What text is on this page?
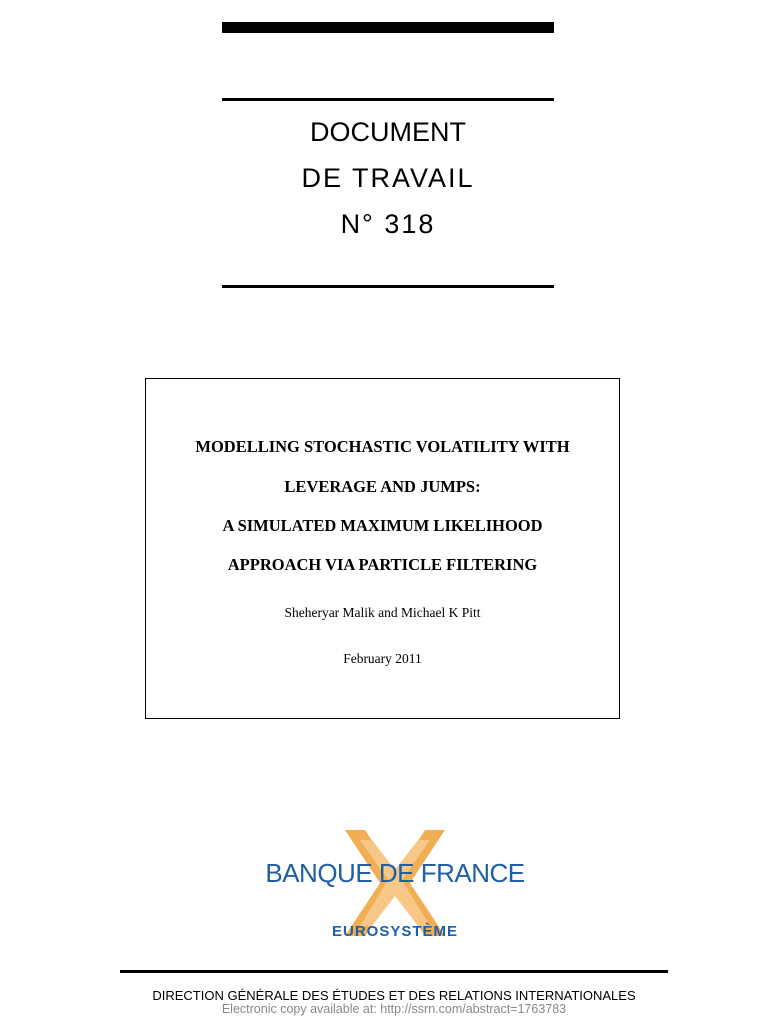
DOCUMENT
DE TRAVAIL
N° 318
MODELLING STOCHASTIC VOLATILITY WITH
LEVERAGE AND JUMPS:
A SIMULATED MAXIMUM LIKELIHOOD
APPROACH VIA PARTICLE FILTERING
Sheheryar Malik and Michael K Pitt
February 2011
BANQUE DE FRANCE
EUROSYSTÈME
DIRECTION GÉNÉRALE DES ÉTUDES ET DES RELATIONS INTERNATIONALES
Electronic copy available at: http://ssrn.com/abstract=1763783
